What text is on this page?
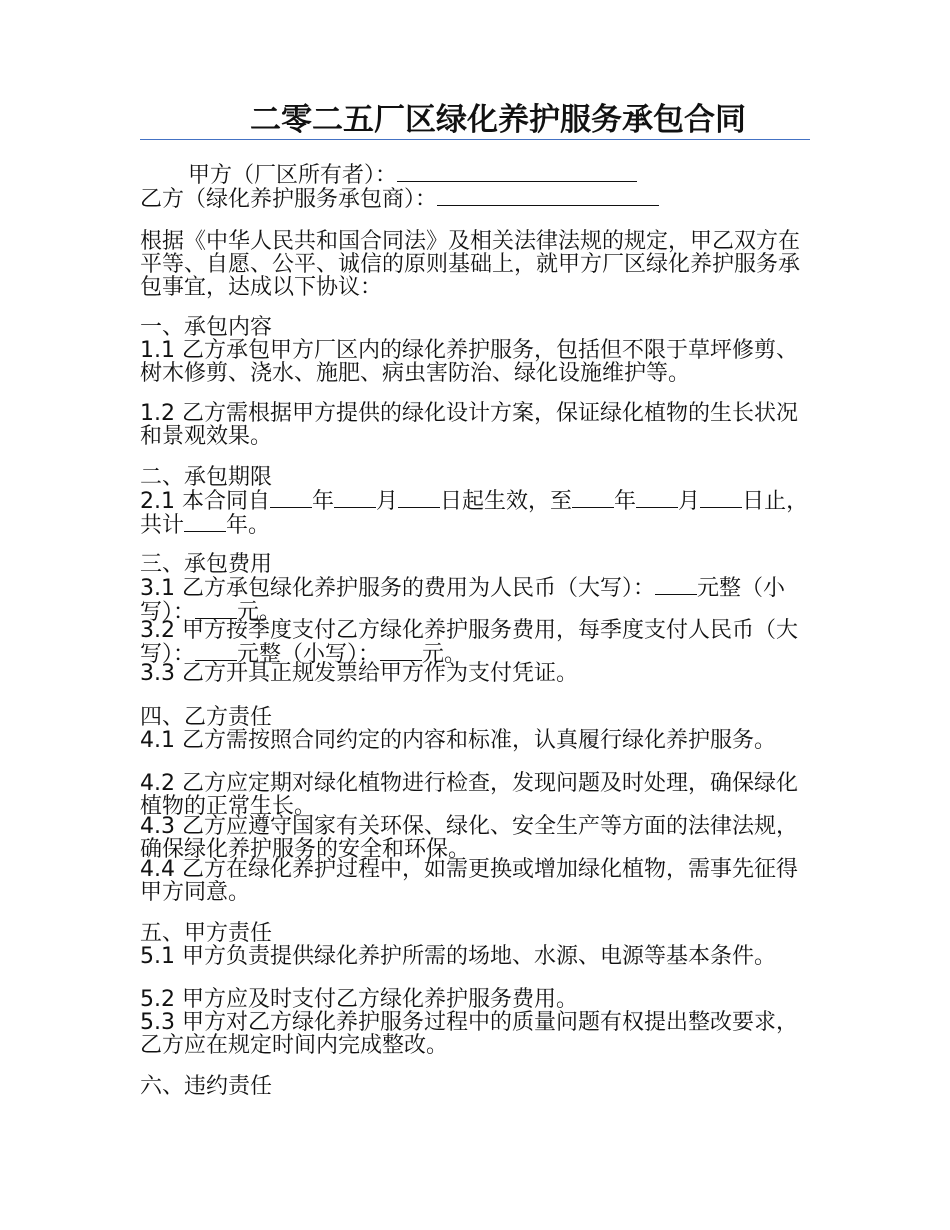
二零二五厂区绿化养护服务承包合同
甲方（厂区所有者）：
乙方（绿化养护服务承包商）：

根据《中华人民共和国合同法》及相关法律法规的规定，甲乙双方在平等、自愿、公平、诚信的原则基础上，就甲方厂区绿化养护服务承包事宜，达成以下协议：

一、承包内容

1.1 乙方承包甲方厂区内的绿化养护服务，包括但不限于草坪修剪、树木修剪、浇水、施肥、病虫害防治、绿化设施维护等。

1.2 乙方需根据甲方提供的绿化设计方案，保证绿化植物的生长状况和景观效果。

二、承包期限

2.1 本合同自 年 月 日起生效，至 年 月 日止，共计 年。

三、承包费用

3.1 乙方承包绿化养护服务的费用为人民币（大写）： 元整（小写）： 元。

3.2 甲方按季度支付乙方绿化养护服务费用，每季度支付人民币（大写）： 元整（小写）： 元。

3.3 乙方开具正规发票给甲方作为支付凭证。

四、乙方责任

4.1 乙方需按照合同约定的内容和标准，认真履行绿化养护服务。

4.2 乙方应定期对绿化植物进行检查，发现问题及时处理，确保绿化植物的正常生长。

4.3 乙方应遵守国家有关环保、绿化、安全生产等方面的法律法规，确保绿化养护服务的安全和环保。

4.4 乙方在绿化养护过程中，如需更换或增加绿化植物，需事先征得甲方同意。

五、甲方责任

5.1 甲方负责提供绿化养护所需的场地、水源、电源等基本条件。

5.2 甲方应及时支付乙方绿化养护服务费用。

5.3 甲方对乙方绿化养护服务过程中的质量问题有权提出整改要求，乙方应在规定时间内完成整改。

六、违约责任
